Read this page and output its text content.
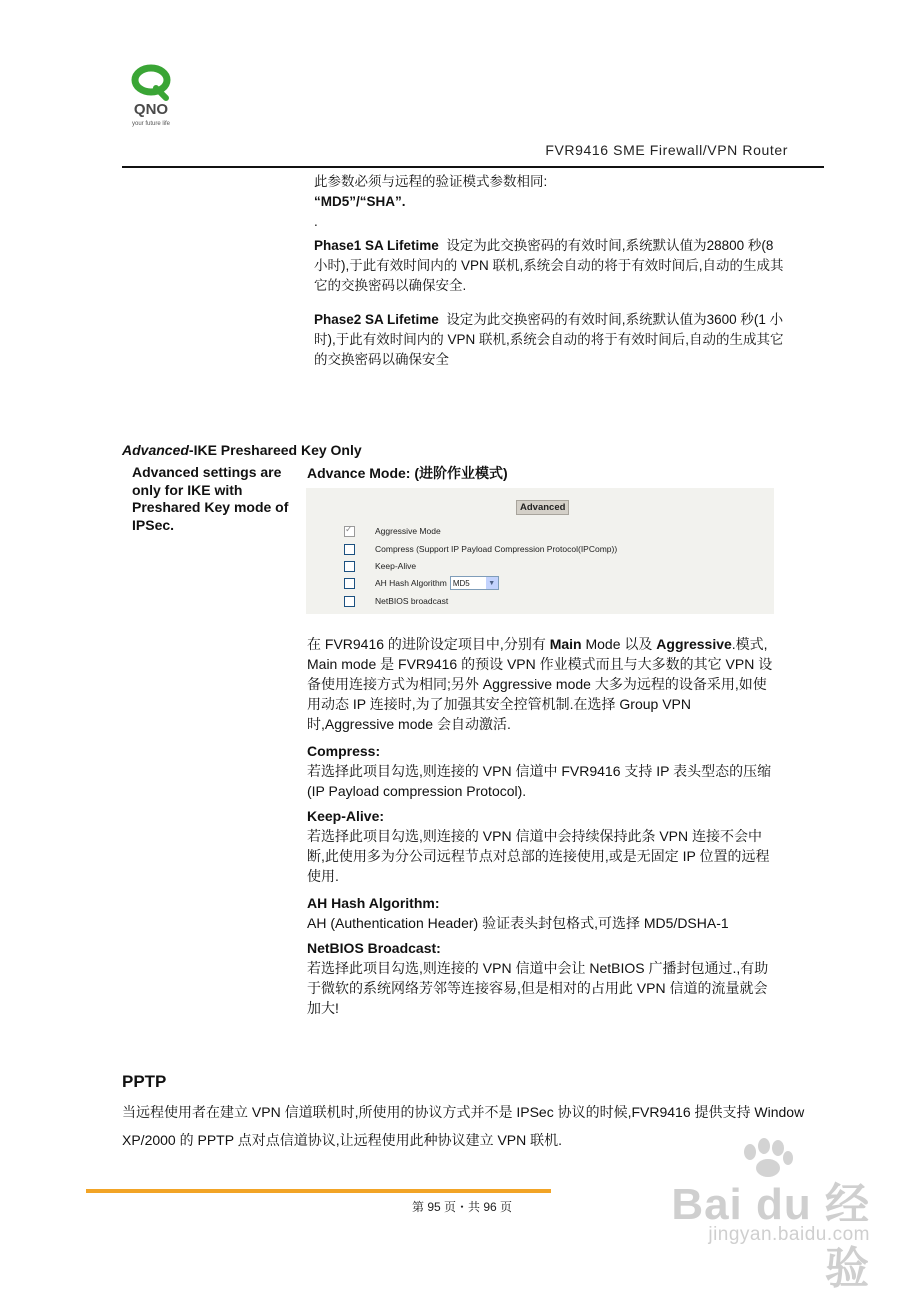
QNO
your future life
FVR9416 SME Firewall/VPN Router

此参数必须与远程的验证模式参数相同:

“MD5”/“SHA”.

.

Phase1 SA Lifetime 设定为此交换密码的有效时间,系统默认值为28800 秒(8 小时),于此有效时间内的 VPN 联机,系统会自动的将于有效时间后,自动的生成其它的交换密码以确保安全.

Phase2 SA Lifetime 设定为此交换密码的有效时间,系统默认值为3600 秒(1 小时),于此有效时间内的 VPN 联机,系统会自动的将于有效时间后,自动的生成其它的交换密码以确保安全

Advanced-IKE Preshareed Key Only
Advanced settings are only for IKE with Preshared Key mode of IPSec.
Advance Mode: (进阶作业模式)
Advanced
✓
Aggressive Mode
Compress (Support IP Payload Compression Protocol(IPComp))
Keep-Alive
AH Hash Algorithm MD5	▼
NetBIOS broadcast
在 FVR9416 的进阶设定项目中,分别有 Main Mode 以及 Aggressive.模式, Main mode 是 FVR9416 的预设 VPN 作业模式而且与大多数的其它 VPN 设备使用连接方式为相同;另外 Aggressive mode 大多为远程的设备采用,如使用动态 IP 连接时,为了加强其安全控管机制.在选择 Group VPN 时,Aggressive mode 会自动激活.

Compress:

若选择此项目勾选,则连接的 VPN 信道中 FVR9416 支持 IP 表头型态的压缩(IP Payload compression Protocol).

Keep-Alive:

若选择此项目勾选,则连接的 VPN 信道中会持续保持此条 VPN 连接不会中断,此使用多为分公司远程节点对总部的连接使用,或是无固定 IP 位置的远程使用.

AH Hash Algorithm:

AH (Authentication Header) 验证表头封包格式,可选择 MD5/DSHA-1

NetBIOS Broadcast:

若选择此项目勾选,则连接的 VPN 信道中会让 NetBIOS 广播封包通过.,有助于微软的系统网络芳邻等连接容易,但是相对的占用此 VPN 信道的流量就会加大!

PPTP
当远程使用者在建立 VPN 信道联机时,所使用的协议方式并不是 IPSec 协议的时候,FVR9416 提供支持 Window XP/2000 的 PPTP 点对点信道协议,让远程使用此种协议建立 VPN 联机.
第 95 页・共 96 页	Bai du 经验
jingyan.baidu.com
